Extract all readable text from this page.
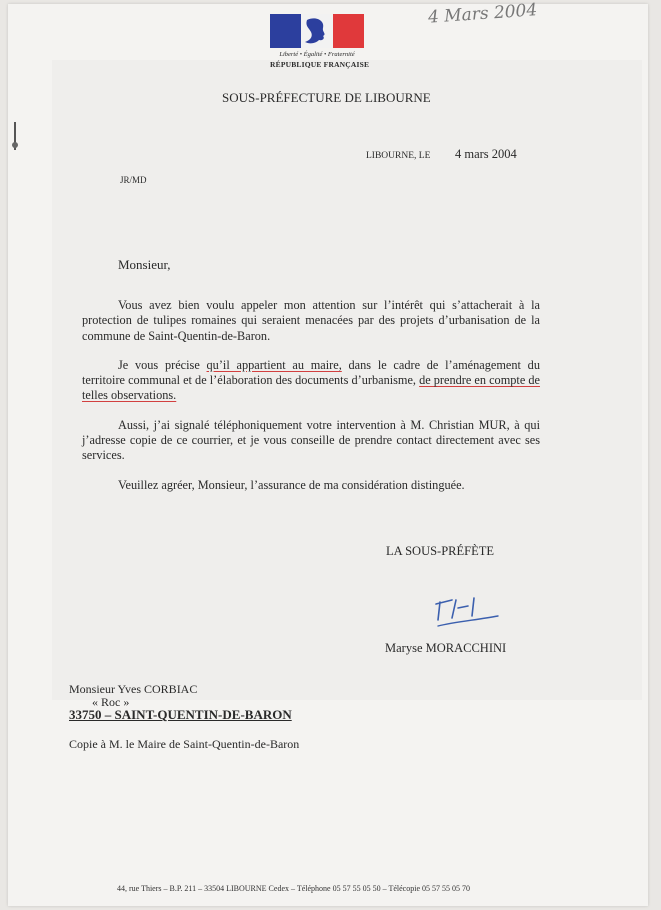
Liberté • Égalité • Fraternité
RÉPUBLIQUE FRANÇAISE
4 Mars 2004
SOUS-PRÉFECTURE DE LIBOURNE
LIBOURNE, LE 4 mars 2004
JR/MD
Monsieur,

Vous avez bien voulu appeler mon attention sur l’intérêt qui s’attacherait à la protection de tulipes romaines qui seraient menacées par des projets d’urbanisation de la commune de Saint-Quentin-de-Baron.

Je vous précise qu’il appartient au maire, dans le cadre de l’aménagement du territoire communal et de l’élaboration des documents d’urbanisme, de prendre en compte de telles observations.

Aussi, j’ai signalé téléphoniquement votre intervention à M. Christian MUR, à qui j’adresse copie de ce courrier, et je vous conseille de prendre contact directement avec ses services.

Veuillez agréer, Monsieur, l’assurance de ma considération distinguée.

LA SOUS-PRÉFÈTE
Maryse MORACCHINI
Monsieur Yves CORBIAC
« Roc »
33750 – SAINT-QUENTIN-DE-BARON
Copie à M. le Maire de Saint-Quentin-de-Baron
44, rue Thiers – B.P. 211 – 33504 LIBOURNE Cedex – Téléphone 05 57 55 05 50 – Télécopie 05 57 55 05 70
